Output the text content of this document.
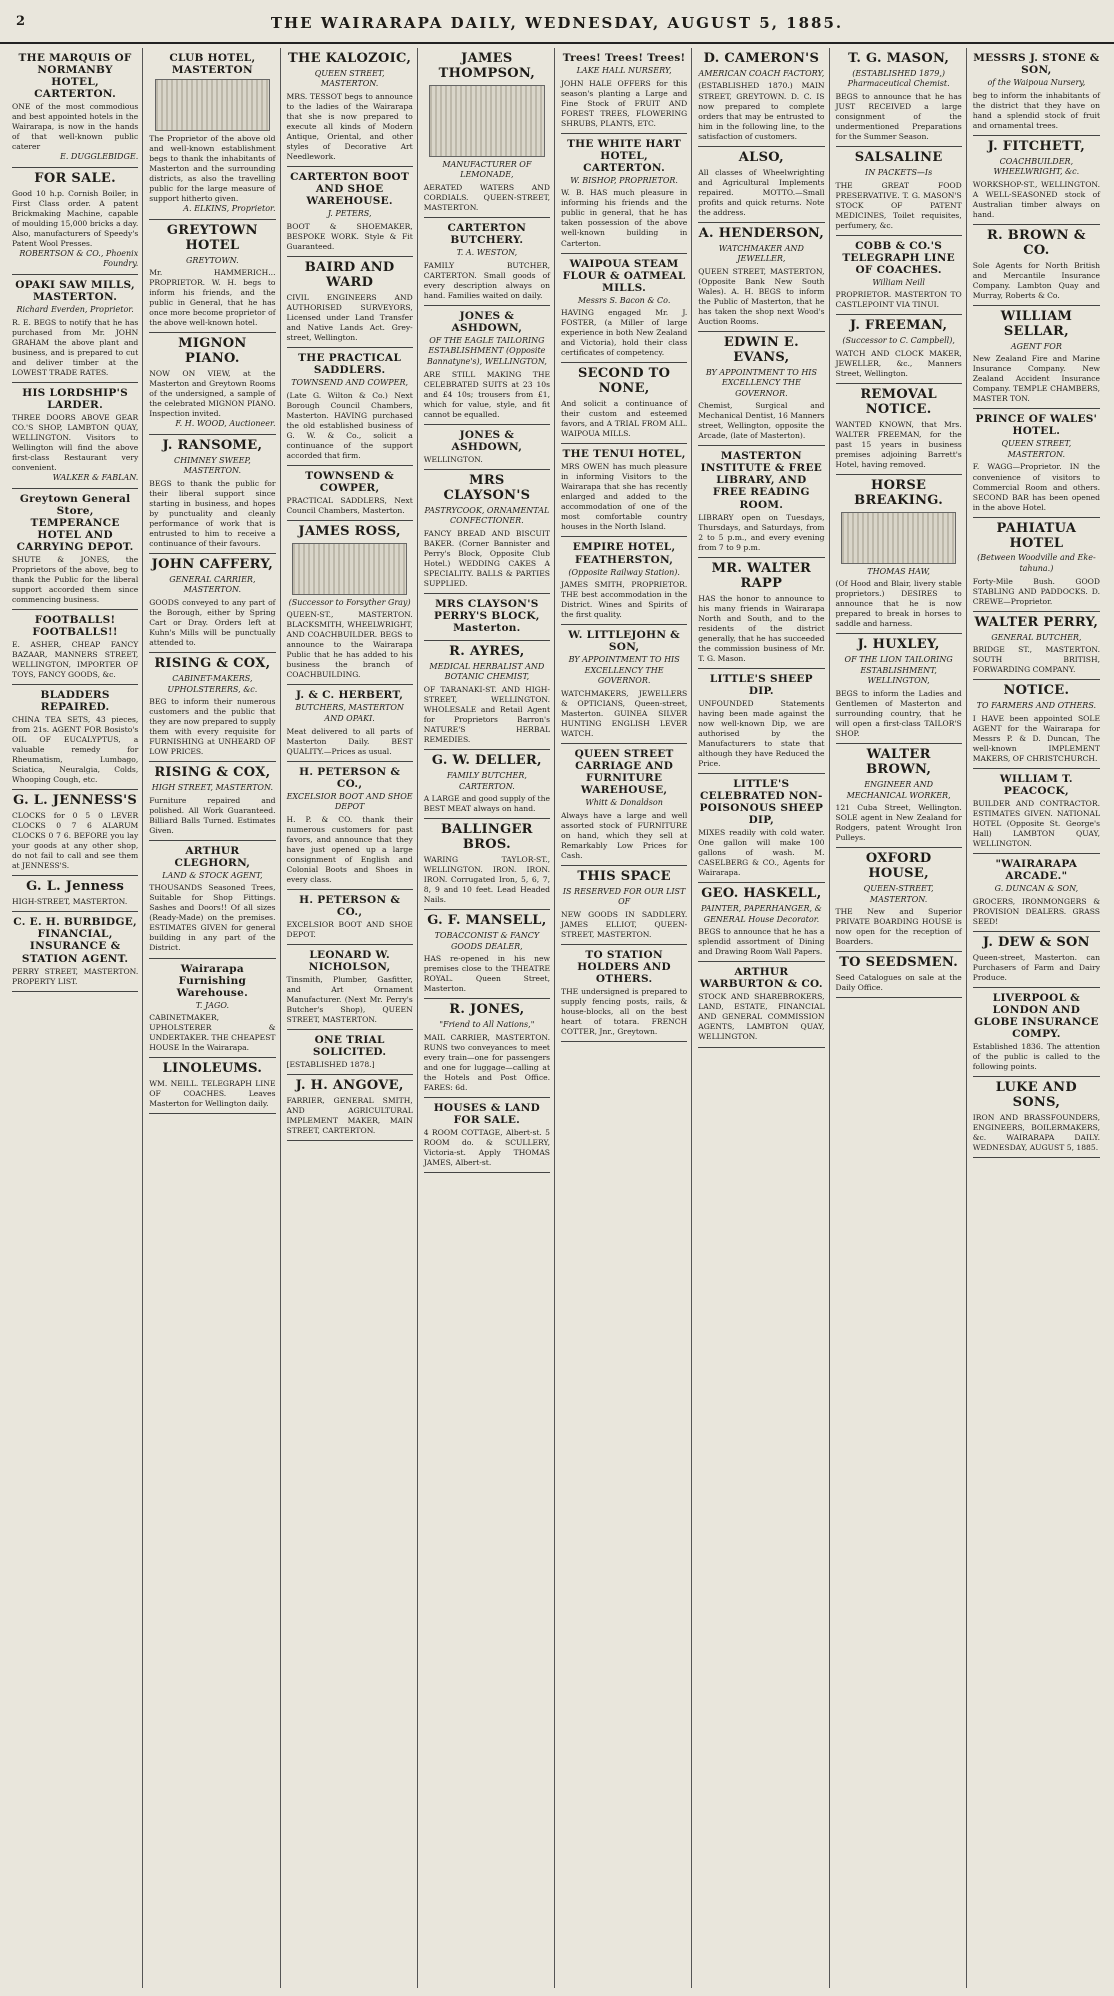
2	THE WAIRARAPA DAILY, WEDNESDAY, AUGUST 5, 1885.
THE MARQUIS OF NORMANBY HOTEL, CARTERTON.
ONE of the most commodious and best appointed hotels in the Wairarapa, is now in the hands of that well-known public caterer
E. DUGGLEBIDGE.
FOR SALE.
Good 10 h.p. Cornish Boiler, in First Class order. A patent Brickmaking Machine, capable of moulding 15,000 bricks a day. Also, manufacturers of Speedy's Patent Wool Presses.
ROBERTSON & CO., Phoenix Foundry.
OPAKI SAW MILLS, MASTERTON.
Richard Everden, Proprietor.
R. E. BEGS to notify that he has purchased from Mr. JOHN GRAHAM the above plant and business, and is prepared to cut and deliver timber at the LOWEST TRADE RATES.
HIS LORDSHIP'S LARDER.
THREE DOORS ABOVE GEAR CO.'S SHOP, LAMBTON QUAY, WELLINGTON. Visitors to Wellington will find the above first-class Restaurant very convenient.
WALKER & FABLAN.
Greytown General Store, TEMPERANCE HOTEL AND CARRYING DEPOT.
SHUTE & JONES, the Proprietors of the above, beg to thank the Public for the liberal support accorded them since commencing business.
FOOTBALLS! FOOTBALLS!!
E. ASHER, CHEAP FANCY BAZAAR, MANNERS STREET, WELLINGTON, IMPORTER OF TOYS, FANCY GOODS, &c.
BLADDERS REPAIRED.
CHINA TEA SETS, 43 pieces, from 21s. AGENT FOR Bosisto's OIL OF EUCALYPTUS, a valuable remedy for Rheumatism, Lumbago, Sciatica, Neuralgia, Colds, Whooping Cough, etc.
G. L. JENNESS'S
CLOCKS for 0 5 0 LEVER CLOCKS 0 7 6 ALARUM CLOCKS 0 7 6. BEFORE you lay your goods at any other shop, do not fail to call and see them at JENNESS'S.
G. L. Jenness
HIGH-STREET, MASTERTON.
C. E. H. BURBIDGE, FINANCIAL, INSURANCE & STATION AGENT.
PERRY STREET, MASTERTON. PROPERTY LIST.
CLUB HOTEL, MASTERTON
The Proprietor of the above old and well-known establishment begs to thank the inhabitants of Masterton and the surrounding districts, as also the travelling public for the large measure of support hitherto given.
A. ELKINS, Proprietor.
GREYTOWN HOTEL
GREYTOWN.
Mr. HAMMERICH... PROPRIETOR. W. H. begs to inform his friends, and the public in General, that he has once more become proprietor of the above well-known hotel.
MIGNON PIANO.
NOW ON VIEW, at the Masterton and Greytown Rooms of the undersigned, a sample of the celebrated MIGNON PIANO. Inspection invited.
F. H. WOOD, Auctioneer.
J. RANSOME,
CHIMNEY SWEEP, MASTERTON.
BEGS to thank the public for their liberal support since starting in business, and hopes by punctuality and cleanly performance of work that is entrusted to him to receive a continuance of their favours.
JOHN CAFFERY,
GENERAL CARRIER, MASTERTON.
GOODS conveyed to any part of the Borough, either by Spring Cart or Dray. Orders left at Kuhn's Mills will be punctually attended to.
RISING & COX,
CABINET-MAKERS, UPHOLSTERERS, &c.
BEG to inform their numerous customers and the public that they are now prepared to supply them with every requisite for FURNISHING at UNHEARD OF LOW PRICES.
RISING & COX,
HIGH STREET, MASTERTON.
Furniture repaired and polished. All Work Guaranteed. Billiard Balls Turned. Estimates Given.
ARTHUR CLEGHORN,
LAND & STOCK AGENT,
THOUSANDS Seasoned Trees, Suitable for Shop Fittings. Sashes and Doors!! Of all sizes (Ready-Made) on the premises. ESTIMATES GIVEN for general building in any part of the District.
Wairarapa Furnishing Warehouse.
T. JAGO.
CABINETMAKER, UPHOLSTERER & UNDERTAKER. THE CHEAPEST HOUSE In the Wairarapa.
LINOLEUMS.
WM. NEILL. TELEGRAPH LINE OF COACHES. Leaves Masterton for Wellington daily.
THE KALOZOIC,
QUEEN STREET, MASTERTON.
MRS. TESSOT begs to announce to the ladies of the Wairarapa that she is now prepared to execute all kinds of Modern Antique, Oriental, and other styles of Decorative Art Needlework.
CARTERTON BOOT AND SHOE WAREHOUSE.
J. PETERS,
BOOT & SHOEMAKER, BESPOKE WORK. Style & Fit Guaranteed.
BAIRD AND WARD
CIVIL ENGINEERS AND AUTHORISED SURVEYORS, Licensed under Land Transfer and Native Lands Act. Grey-street, Wellington.
THE PRACTICAL SADDLERS.
TOWNSEND AND COWPER,
(Late G. Wilton & Co.) Next Borough Council Chambers, Masterton. HAVING purchased the old established business of G. W. & Co., solicit a continuance of the support accorded that firm.
TOWNSEND & COWPER,
PRACTICAL SADDLERS, Next Council Chambers, Masterton.
JAMES ROSS,
(Successor to Forsyther Gray)
QUEEN-ST., MASTERTON. BLACKSMITH, WHEELWRIGHT, AND COACHBUILDER. BEGS to announce to the Wairarapa Public that he has added to his business the branch of COACHBUILDING.
J. & C. HERBERT,
BUTCHERS, MASTERTON AND OPAKI.
Meat delivered to all parts of Masterton Daily. BEST QUALITY.—Prices as usual.
H. PETERSON & CO.,
EXCELSIOR BOOT AND SHOE DEPOT
H. P. & CO. thank their numerous customers for past favors, and announce that they have just opened up a large consignment of English and Colonial Boots and Shoes in every class.
H. PETERSON & CO.,
EXCELSIOR BOOT AND SHOE DEPOT.
LEONARD W. NICHOLSON,
Tinsmith, Plumber, Gasfitter, and Art Ornament Manufacturer. (Next Mr. Perry's Butcher's Shop), QUEEN STREET, MASTERTON.
ONE TRIAL SOLICITED.
[ESTABLISHED 1878.]
J. H. ANGOVE,
FARRIER, GENERAL SMITH, AND AGRICULTURAL IMPLEMENT MAKER, MAIN STREET, CARTERTON.
JAMES THOMPSON,
MANUFACTURER OF LEMONADE,
AERATED WATERS AND CORDIALS. QUEEN-STREET, MASTERTON.
CARTERTON BUTCHERY.
T. A. WESTON,
FAMILY BUTCHER, CARTERTON. Small goods of every description always on hand. Families waited on daily.
JONES & ASHDOWN,
OF THE EAGLE TAILORING ESTABLISHMENT (Opposite Bannatyne's), WELLINGTON,
ARE STILL MAKING THE CELEBRATED SUITS at 23 10s and £4 10s; trousers from £1, which for value, style, and fit cannot be equalled.
JONES & ASHDOWN,
WELLINGTON.
MRS CLAYSON'S
PASTRYCOOK, ORNAMENTAL CONFECTIONER.
FANCY BREAD AND BISCUIT BAKER. (Corner Bannister and Perry's Block, Opposite Club Hotel.) WEDDING CAKES A SPECIALITY. BALLS & PARTIES SUPPLIED.
MRS CLAYSON'S PERRY'S BLOCK, Masterton.
R. AYRES,
MEDICAL HERBALIST AND BOTANIC CHEMIST,
OF TARANAKI-ST. AND HIGH-STREET, WELLINGTON. WHOLESALE and Retail Agent for Proprietors Barron's NATURE'S HERBAL REMEDIES.
G. W. DELLER,
FAMILY BUTCHER, CARTERTON.
A LARGE and good supply of the BEST MEAT always on hand.
BALLINGER BROS.
WARING TAYLOR-ST., WELLINGTON. IRON. IRON. IRON. Corrugated Iron, 5, 6, 7, 8, 9 and 10 feet. Lead Headed Nails.
G. F. MANSELL,
TOBACCONIST & FANCY GOODS DEALER,
HAS re-opened in his new premises close to the THEATRE ROYAL. Queen Street, Masterton.
R. JONES,
"Friend to All Nations,"
MAIL CARRIER, MASTERTON. RUNS two conveyances to meet every train—one for passengers and one for luggage—calling at the Hotels and Post Office. FARES: 6d.
HOUSES & LAND FOR SALE.
4 ROOM COTTAGE, Albert-st. 5 ROOM do. & SCULLERY, Victoria-st. Apply THOMAS JAMES, Albert-st.
Trees! Trees! Trees!
LAKE HALL NURSERY,
JOHN HALE OFFERS for this season's planting a Large and Fine Stock of FRUIT AND FOREST TREES, FLOWERING SHRUBS, PLANTS, ETC.
THE WHITE HART HOTEL, CARTERTON.
W. BISHOP, PROPRIETOR.
W. B. HAS much pleasure in informing his friends and the public in general, that he has taken possession of the above well-known building in Carterton.
WAIPOUA STEAM FLOUR & OATMEAL MILLS.
Messrs S. Bacon & Co.
HAVING engaged Mr. J. FOSTER, (a Miller of large experience in both New Zealand and Victoria), hold their class certificates of competency.
SECOND TO NONE,
And solicit a continuance of their custom and esteemed favors, and A TRIAL FROM ALL. WAIPOUA MILLS.
THE TENUI HOTEL,
MRS OWEN has much pleasure in informing Visitors to the Wairarapa that she has recently enlarged and added to the accommodation of one of the most comfortable country houses in the North Island.
EMPIRE HOTEL, FEATHERSTON,
(Opposite Railway Station).
JAMES SMITH, PROPRIETOR. THE best accommodation in the District. Wines and Spirits of the first quality.
W. LITTLEJOHN & SON,
BY APPOINTMENT TO HIS EXCELLENCY THE GOVERNOR.
WATCHMAKERS, JEWELLERS & OPTICIANS, Queen-street, Masterton. GUINEA SILVER HUNTING ENGLISH LEVER WATCH.
QUEEN STREET CARRIAGE AND FURNITURE WAREHOUSE,
Whitt & Donaldson
Always have a large and well assorted stock of FURNITURE on hand, which they sell at Remarkably Low Prices for Cash.
THIS SPACE
IS RESERVED FOR OUR LIST OF
NEW GOODS IN SADDLERY. JAMES ELLIOT, QUEEN-STREET, MASTERTON.
TO STATION HOLDERS AND OTHERS.
THE undersigned is prepared to supply fencing posts, rails, & house-blocks, all on the best heart of totara. FRENCH COTTER, Jnr., Greytown.
D. CAMERON'S
AMERICAN COACH FACTORY,
(ESTABLISHED 1870.) MAIN STREET, GREYTOWN. D. C. IS now prepared to complete orders that may be entrusted to him in the following line, to the satisfaction of customers.
ALSO,
All classes of Wheelwrighting and Agricultural Implements repaired. MOTTO.—Small profits and quick returns. Note the address.
A. HENDERSON,
WATCHMAKER AND JEWELLER,
QUEEN STREET, MASTERTON, (Opposite Bank New South Wales). A. H. BEGS to inform the Public of Masterton, that he has taken the shop next Wood's Auction Rooms.
EDWIN E. EVANS,
BY APPOINTMENT TO HIS EXCELLENCY THE GOVERNOR.
Chemist, Surgical and Mechanical Dentist, 16 Manners street, Wellington, opposite the Arcade, (late of Masterton).
MASTERTON INSTITUTE & FREE LIBRARY, AND FREE READING ROOM.
LIBRARY open on Tuesdays, Thursdays, and Saturdays, from 2 to 5 p.m., and every evening from 7 to 9 p.m.
MR. WALTER RAPP
HAS the honor to announce to his many friends in Wairarapa North and South, and to the residents of the district generally, that he has succeeded the commission business of Mr. T. G. Mason.
LITTLE'S SHEEP DIP.
UNFOUNDED Statements having been made against the now well-known Dip, we are authorised by the Manufacturers to state that although they have Reduced the Price.
LITTLE'S CELEBRATED NON-POISONOUS SHEEP DIP,
MIXES readily with cold water. One gallon will make 100 gallons of wash. M. CASELBERG & CO., Agents for Wairarapa.
GEO. HASKELL,
PAINTER, PAPERHANGER, & GENERAL House Decorator.
BEGS to announce that he has a splendid assortment of Dining and Drawing Room Wall Papers.
ARTHUR WARBURTON & CO.
STOCK AND SHAREBROKERS, LAND, ESTATE, FINANCIAL AND GENERAL COMMISSION AGENTS, LAMBTON QUAY, WELLINGTON.
T. G. MASON,
(ESTABLISHED 1879,) Pharmaceutical Chemist.
BEGS to announce that he has JUST RECEIVED a large consignment of the undermentioned Preparations for the Summer Season.
SALSALINE
IN PACKETS—Is
THE GREAT FOOD PRESERVATIVE. T. G. MASON'S STOCK OF PATENT MEDICINES, Toilet requisites, perfumery, &c.
COBB & CO.'S TELEGRAPH LINE OF COACHES.
William Neill
PROPRIETOR. MASTERTON TO CASTLEPOINT VIA TINUI.
J. FREEMAN,
(Successor to C. Campbell),
WATCH AND CLOCK MAKER, JEWELLER, &c., Manners Street, Wellington.
REMOVAL NOTICE.
WANTED KNOWN, that Mrs. WALTER FREEMAN, for the past 15 years in business premises adjoining Barrett's Hotel, having removed.
HORSE BREAKING.
THOMAS HAW,
(Of Hood and Blair, livery stable proprietors.) DESIRES to announce that he is now prepared to break in horses to saddle and harness.
J. HUXLEY,
OF THE LION TAILORING ESTABLISHMENT, WELLINGTON,
BEGS to inform the Ladies and Gentlemen of Masterton and surrounding country, that he will open a first-class TAILOR'S SHOP.
WALTER BROWN,
ENGINEER AND MECHANICAL WORKER,
121 Cuba Street, Wellington. SOLE agent in New Zealand for Rodgers, patent Wrought Iron Pulleys.
OXFORD HOUSE,
QUEEN-STREET, MASTERTON.
THE New and Superior PRIVATE BOARDING HOUSE is now open for the reception of Boarders.
TO SEEDSMEN.
Seed Catalogues on sale at the Daily Office.
MESSRS J. STONE & SON,
of the Waipoua Nursery,
beg to inform the inhabitants of the district that they have on hand a splendid stock of fruit and ornamental trees.
J. FITCHETT,
COACHBUILDER, WHEELWRIGHT, &c.
WORKSHOP-ST., WELLINGTON. A WELL-SEASONED stock of Australian timber always on hand.
R. BROWN & CO.
Sole Agents for North British and Mercantile Insurance Company. Lambton Quay and Murray, Roberts & Co.
WILLIAM SELLAR,
AGENT FOR
New Zealand Fire and Marine Insurance Company. New Zealand Accident Insurance Company. TEMPLE CHAMBERS, MASTER TON.
PRINCE OF WALES' HOTEL.
QUEEN STREET, MASTERTON.
F. WAGG—Proprietor. IN the convenience of visitors to Commercial Room and others. SECOND BAR has been opened in the above Hotel.
PAHIATUA HOTEL
(Between Woodville and Eke-tahuna.)
Forty-Mile Bush. GOOD STABLING AND PADDOCKS. D. CREWE—Proprietor.
WALTER PERRY,
GENERAL BUTCHER,
BRIDGE ST., MASTERTON. SOUTH BRITISH, FORWARDING COMPANY.
NOTICE.
TO FARMERS AND OTHERS.
I HAVE been appointed SOLE AGENT for the Wairarapa for Messrs P. & D. Duncan, The well-known IMPLEMENT MAKERS, OF CHRISTCHURCH.
WILLIAM T. PEACOCK,
BUILDER AND CONTRACTOR. ESTIMATES GIVEN. NATIONAL HOTEL (Opposite St. George's Hall) LAMBTON QUAY, WELLINGTON.
"WAIRARAPA ARCADE."
G. DUNCAN & SON,
GROCERS, IRONMONGERS & PROVISION DEALERS. GRASS SEED!
J. DEW & SON
Queen-street, Masterton. can Purchasers of Farm and Dairy Produce.
LIVERPOOL & LONDON AND GLOBE INSURANCE COMPY.
Established 1836. The attention of the public is called to the following points.
LUKE AND SONS,
IRON AND BRASSFOUNDERS, ENGINEERS, BOILERMAKERS, &c. WAIRARAPA DAILY. WEDNESDAY, AUGUST 5, 1885.
